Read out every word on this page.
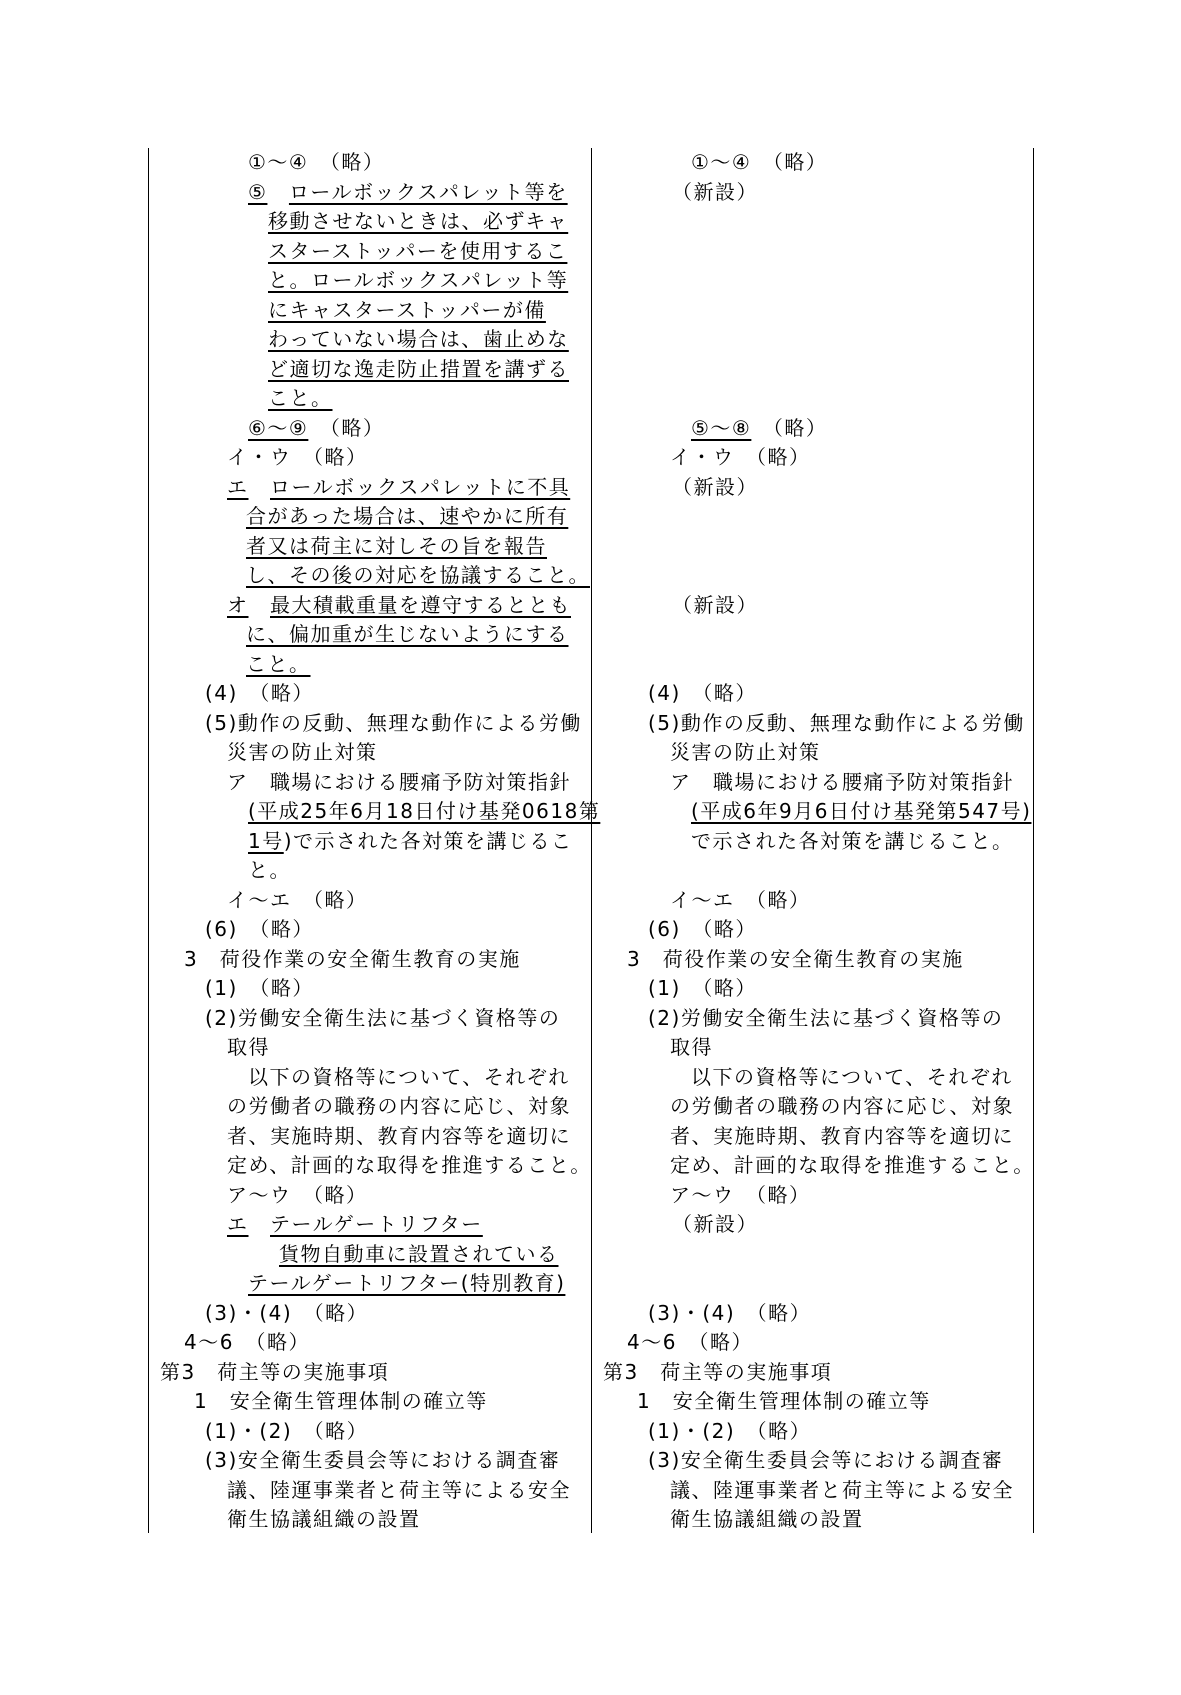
①～④　（略）
⑤　 ロールボックスパレット等を
移動させないときは、必ずキャ
スターストッパーを使用するこ
と。ロールボックスパレット等
にキャスターストッパーが備
わっていない場合は、歯止めな
ど適切な逸走防止措置を講ずる
こと。
⑥～⑨　（略）
イ・ウ　（略）
エ　 ロールボックスパレットに不具
合があった場合は、速やかに所有
者又は荷主に対しその旨を報告
し、その後の対応を協議すること。
オ　 最大積載重量を遵守するととも
に、偏加重が生じないようにする
こと。
(4)　（略）
(5)動作の反動、無理な動作による労働
災害の防止対策
ア　職場における腰痛予防対策指針
(平成25年6月18日付け基発0618第
1号)で示された各対策を講じるこ
と。
イ～エ　（略）
(6)　（略）
3　荷役作業の安全衛生教育の実施
(1)　（略）
(2)労働安全衛生法に基づく資格等の
取得
以下の資格等について、それぞれ
の労働者の職務の内容に応じ、対象
者、実施時期、教育内容等を適切に
定め、計画的な取得を推進すること。
ア～ウ　（略）
エ　 テールゲートリフター
貨物自動車に設置されている
テールゲートリフター(特別教育)
(3)・(4)　（略）
4～6　（略）
第3　荷主等の実施事項
1　安全衛生管理体制の確立等
(1)・(2)　（略）
(3)安全衛生委員会等における調査審
議、陸運事業者と荷主等による安全
衛生協議組織の設置
①～④　（略）
（新設）
⑤～⑧　（略）
イ・ウ　（略）
（新設）
（新設）
(4)　（略）
(5)動作の反動、無理な動作による労働
災害の防止対策
ア　職場における腰痛予防対策指針
(平成6年9月6日付け基発第547号)
で示された各対策を講じること。
イ～エ　（略）
(6)　（略）
3　荷役作業の安全衛生教育の実施
(1)　（略）
(2)労働安全衛生法に基づく資格等の
取得
以下の資格等について、それぞれ
の労働者の職務の内容に応じ、対象
者、実施時期、教育内容等を適切に
定め、計画的な取得を推進すること。
ア～ウ　（略）
（新設）
(3)・(4)　（略）
4～6　（略）
第3　荷主等の実施事項
1　安全衛生管理体制の確立等
(1)・(2)　（略）
(3)安全衛生委員会等における調査審
議、陸運事業者と荷主等による安全
衛生協議組織の設置
